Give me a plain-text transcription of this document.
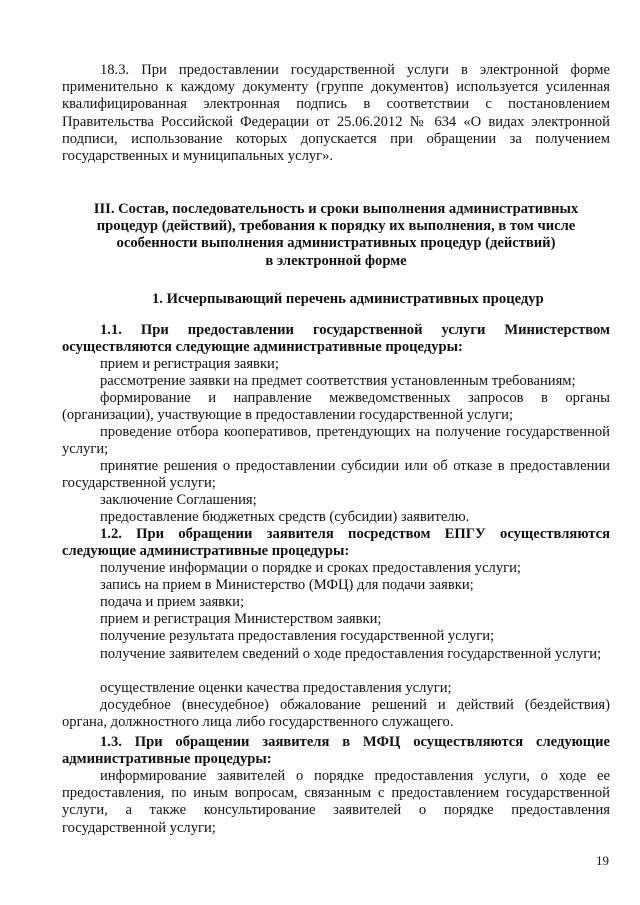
18.3. При предоставлении государственной услуги в электронной форме применительно к каждому документу (группе документов) используется усиленная квалифицированная электронная подпись в соответствии с постановлением Правительства Российской Федерации от 25.06.2012 № 634 «О видах электронной подписи, использование которых допускается при обращении за получением государственных и муниципальных услуг».

III. Состав, последовательность и сроки выполнения административных
процедур (действий), требования к порядку их выполнения, в том числе
особенности выполнения административных процедур (действий)
в электронной форме

1. Исчерпывающий перечень административных процедур

1.1. При предоставлении государственной услуги Министерством осуществляются следующие административные процедуры:

прием и регистрация заявки;

рассмотрение заявки на предмет соответствия установленным требованиям;

формирование и направление межведомственных запросов в органы (организации), участвующие в предоставлении государственной услуги;

проведение отбора кооперативов, претендующих на получение государственной услуги;

принятие решения о предоставлении субсидии или об отказе в предоставлении государственной услуги;

заключение Соглашения;

предоставление бюджетных средств (субсидии) заявителю.

1.2. При обращении заявителя посредством ЕПГУ осуществляются следующие административные процедуры:

получение информации о порядке и сроках предоставления услуги;

запись на прием в Министерство (МФЦ) для подачи заявки;

подача и прием заявки;

прием и регистрация Министерством заявки;

получение результата предоставления государственной услуги;

получение заявителем сведений о ходе предоставления государственной услуги;

осуществление оценки качества предоставления услуги;

досудебное (внесудебное) обжалование решений и действий (бездействия) органа, должностного лица либо государственного служащего.

1.3. При обращении заявителя в МФЦ осуществляются следующие административные процедуры:

информирование заявителей о порядке предоставления услуги, о ходе ее предоставления, по иным вопросам, связанным с предоставлением государственной услуги, а также консультирование заявителей о порядке предоставления государственной услуги;

19
